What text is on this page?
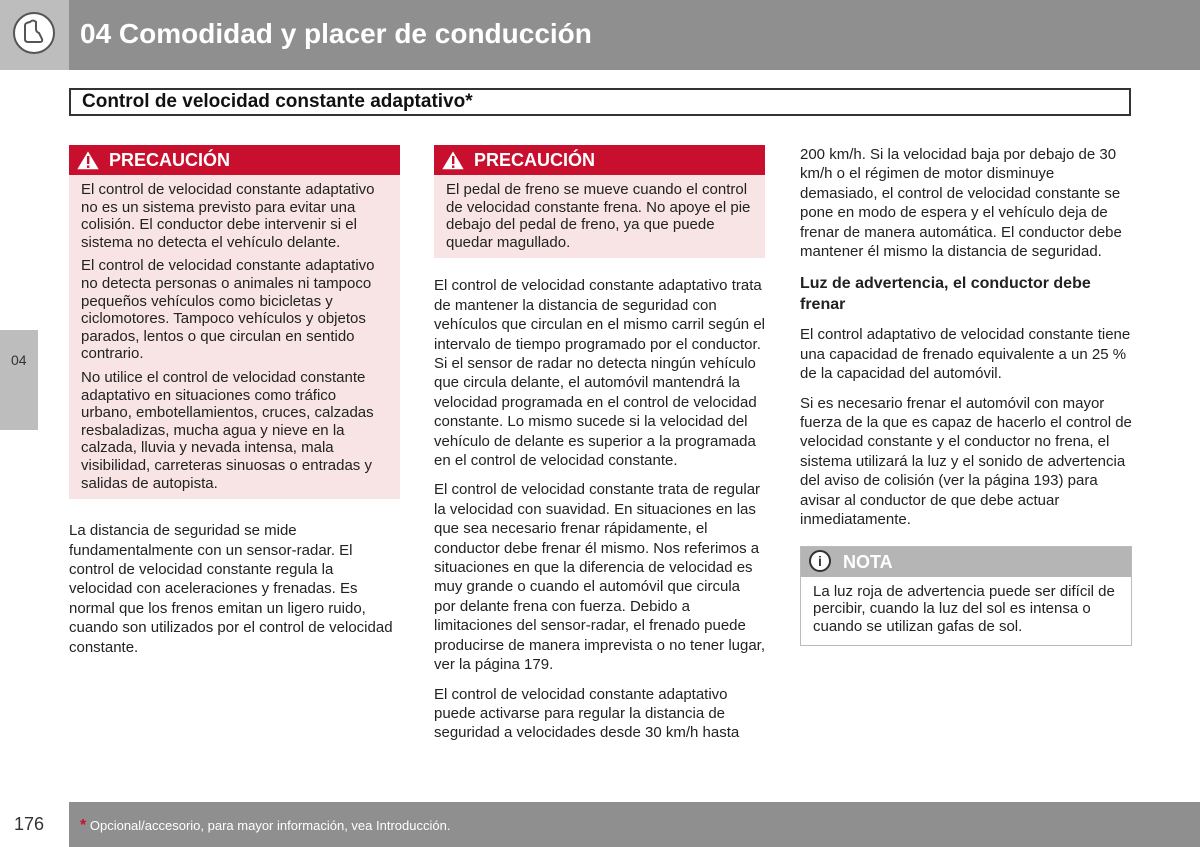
04 Comodidad y placer de conducción
Control de velocidad constante adaptativo*
04
PRECAUCIÓN

El control de velocidad constante adaptativo no es un sistema previsto para evitar una colisión. El conductor debe intervenir si el sistema no detecta el vehículo delante.

El control de velocidad constante adaptativo no detecta personas o animales ni tampoco pequeños vehículos como bicicletas y ciclomotores. Tampoco vehículos y objetos parados, lentos o que circulan en sentido contrario.

No utilice el control de velocidad constante adaptativo en situaciones como tráfico urbano, embotellamientos, cruces, calzadas resbaladizas, mucha agua y nieve en la calzada, lluvia y nevada intensa, mala visibilidad, carreteras sinuosas o entradas y salidas de autopista.

La distancia de seguridad se mide fundamentalmente con un sensor-radar. El control de velocidad constante regula la velocidad con aceleraciones y frenadas. Es normal que los frenos emitan un ligero ruido, cuando son utilizados por el control de velocidad constante.

PRECAUCIÓN

El pedal de freno se mueve cuando el control de velocidad constante frena. No apoye el pie debajo del pedal de freno, ya que puede quedar magullado.

El control de velocidad constante adaptativo trata de mantener la distancia de seguridad con vehículos que circulan en el mismo carril según el intervalo de tiempo programado por el conductor. Si el sensor de radar no detecta ningún vehículo que circula delante, el automóvil mantendrá la velocidad programada en el control de velocidad constante. Lo mismo sucede si la velocidad del vehículo de delante es superior a la programada en el control de velocidad constante.

El control de velocidad constante trata de regular la velocidad con suavidad. En situaciones en las que sea necesario frenar rápidamente, el conductor debe frenar él mismo. Nos referimos a situaciones en que la diferencia de velocidad es muy grande o cuando el automóvil que circula por delante frena con fuerza. Debido a limitaciones del sensor-radar, el frenado puede producirse de manera imprevista o no tener lugar, ver la página 179.

El control de velocidad constante adaptativo puede activarse para regular la distancia de seguridad a velocidades desde 30 km/h hasta

200 km/h. Si la velocidad baja por debajo de 30 km/h o el régimen de motor disminuye demasiado, el control de velocidad constante se pone en modo de espera y el vehículo deja de frenar de manera automática. El conductor debe mantener él mismo la distancia de seguridad.

Luz de advertencia, el conductor debe frenar

El control adaptativo de velocidad constante tiene una capacidad de frenado equivalente a un 25 % de la capacidad del automóvil.

Si es necesario frenar el automóvil con mayor fuerza de la que es capaz de hacerlo el control de velocidad constante y el conductor no frena, el sistema utilizará la luz y el sonido de advertencia del aviso de colisión (ver la página 193) para avisar al conductor de que debe actuar inmediatamente.

i	NOTA
La luz roja de advertencia puede ser difícil de percibir, cuando la luz del sol es intensa o cuando se utilizan gafas de sol.
176 * Opcional/accesorio, para mayor información, vea Introducción.
